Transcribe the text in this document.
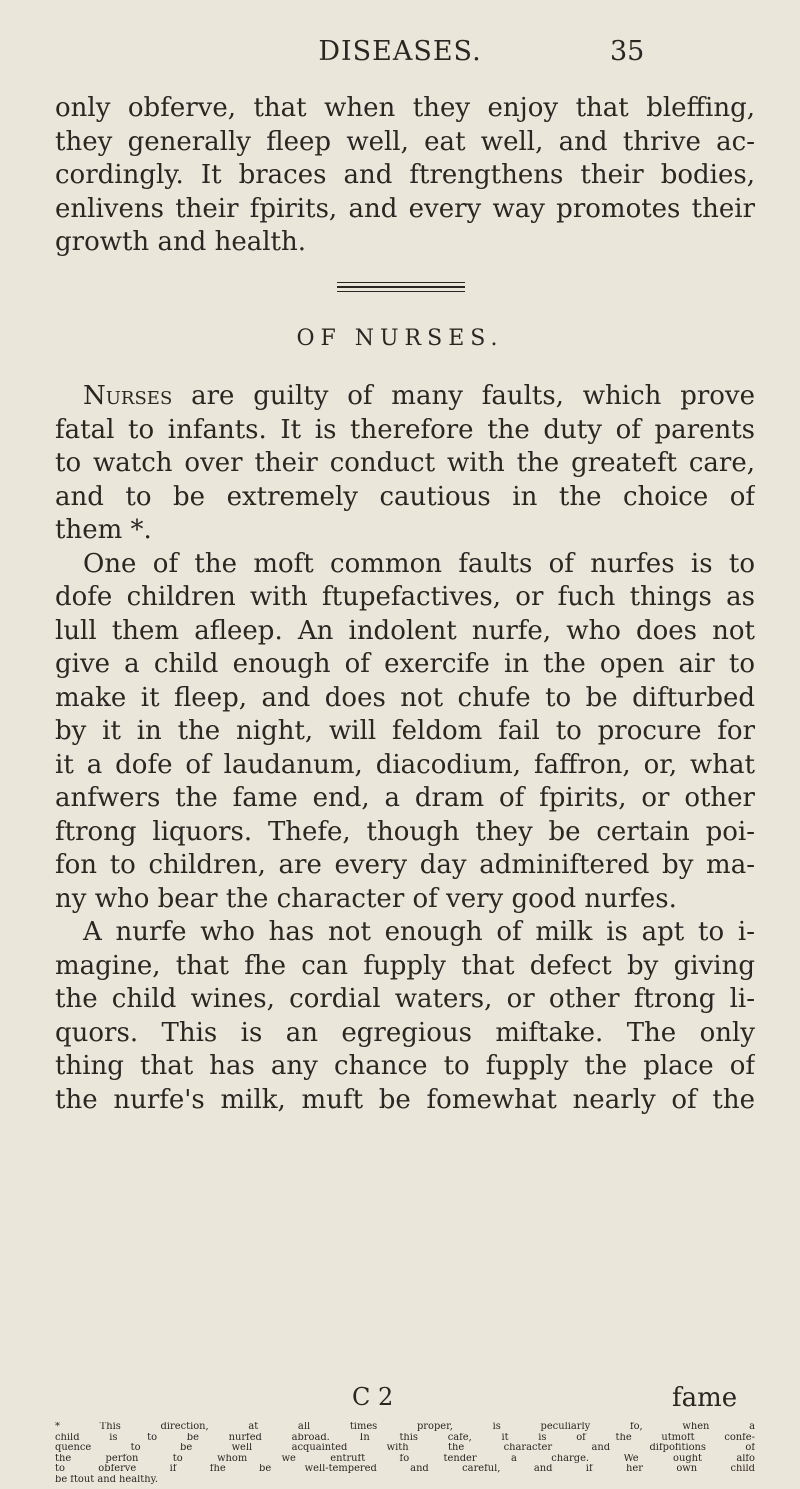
DISEASES.	35
only obferve, that when they enjoy that bleffing,
they generally fleep well, eat well, and thrive ac-
cordingly. It braces and ftrengthens their bodies,
enlivens their fpirits, and every way promotes their
growth and health.
OF NURSES.
Nurses are guilty of many faults, which prove
fatal to infants. It is therefore the duty of parents
to watch over their conduct with the greateft care,
and to be extremely cautious in the choice of
them *.
One of the moft common faults of nurfes is to
dofe children with ftupefactives, or fuch things as
lull them afleep. An indolent nurfe, who does not
give a child enough of exercife in the open air to
make it fleep, and does not chufe to be difturbed
by it in the night, will feldom fail to procure for
it a dofe of laudanum, diacodium, faffron, or, what
anfwers the fame end, a dram of fpirits, or other
ftrong liquors. Thefe, though they be certain poi-
fon to children, are every day adminiftered by ma-
ny who bear the character of very good nurfes.
A nurfe who has not enough of milk is apt to i-
magine, that fhe can fupply that defect by giving
the child wines, cordial waters, or other ftrong li-
quors. This is an egregious miftake. The only
thing that has any chance to fupply the place of
the nurfe's milk, muft be fomewhat nearly of the
C 2	fame
* This direction, at all times proper, is peculiarly fo, when a
child is to be nurfed abroad. In this cafe, it is of the utmoft confe-
quence to be well acquainted with the character and difpofitions of
the perfon to whom we entruft fo tender a charge. We ought alfo
to obferve if fhe be well-tempered and careful, and if her own child
be ftout and healthy.
